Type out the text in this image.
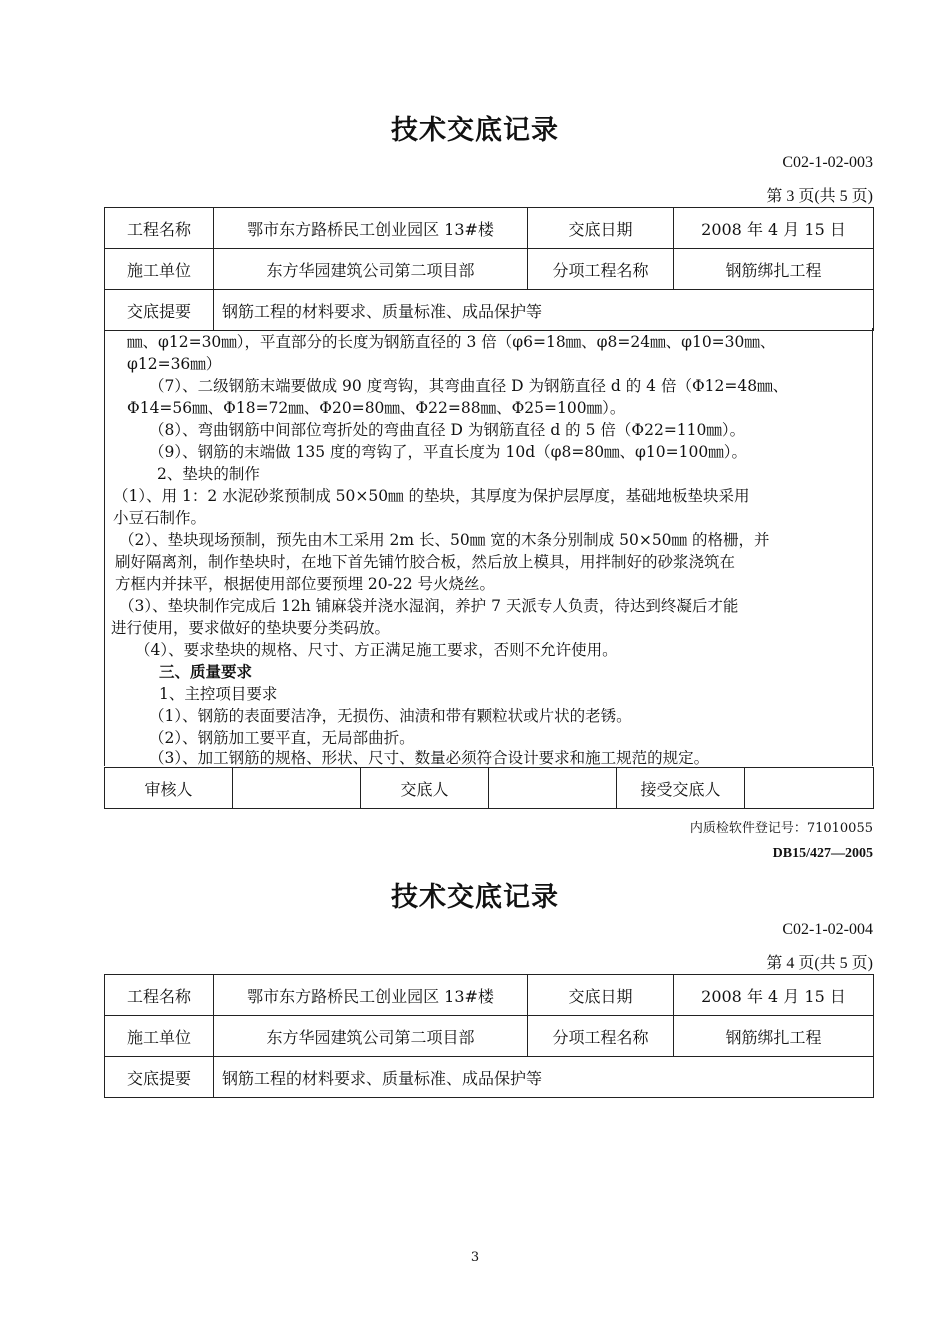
技术交底记录
C02-1-02-003
第 3 页(共 5 页)
工程名称	鄂市东方路桥民工创业园区 13#楼	交底日期	2008 年 4 月 15 日
施工单位	东方华园建筑公司第二项目部	分项工程名称	钢筋绑扎工程
交底提要	钢筋工程的材料要求、质量标准、成品保护等		
㎜、φ12=30㎜），平直部分的长度为钢筋直径的 3 倍（φ6=18㎜、φ8=24㎜、φ10=30㎜、
φ12=36㎜）
（7）、二级钢筋末端要做成 90 度弯钩，其弯曲直径 D 为钢筋直径 d 的 4 倍（Φ12=48㎜、
Φ14=56㎜、Φ18=72㎜、Φ20=80㎜、Φ22=88㎜、Φ25=100㎜）。
（8）、弯曲钢筋中间部位弯折处的弯曲直径 D 为钢筋直径 d 的 5 倍（Φ22=110㎜）。
（9）、钢筋的末端做 135 度的弯钩了，平直长度为 10d（φ8=80㎜、φ10=100㎜）。
2、垫块的制作
（1）、用 1：2 水泥砂浆预制成 50×50㎜ 的垫块，其厚度为保护层厚度，基础地板垫块采用
小豆石制作。
（2）、垫块现场预制，预先由木工采用 2m 长、50㎜ 宽的木条分别制成 50×50㎜ 的格栅，并
刷好隔离剂，制作垫块时，在地下首先铺竹胶合板，然后放上模具，用拌制好的砂浆浇筑在
方框内并抹平，根据使用部位要预埋 20-22 号火烧丝。
（3）、垫块制作完成后 12h 铺麻袋并浇水湿润，养护 7 天派专人负责，待达到终凝后才能
进行使用，要求做好的垫块要分类码放。
（4）、要求垫块的规格、尺寸、方正满足施工要求，否则不允许使用。
三、质量要求
1、主控项目要求
（1）、钢筋的表面要洁净，无损伤、油渍和带有颗粒状或片状的老锈。
（2）、钢筋加工要平直，无局部曲折。
（3）、加工钢筋的规格、形状、尺寸、数量必须符合设计要求和施工规范的规定。
审核人		交底人		接受交底人	
内质检软件登记号：71010055
DB15/427—2005
技术交底记录
C02-1-02-004
第 4 页(共 5 页)
工程名称	鄂市东方路桥民工创业园区 13#楼	交底日期	2008 年 4 月 15 日
施工单位	东方华园建筑公司第二项目部	分项工程名称	钢筋绑扎工程
交底提要	钢筋工程的材料要求、质量标准、成品保护等		
3
